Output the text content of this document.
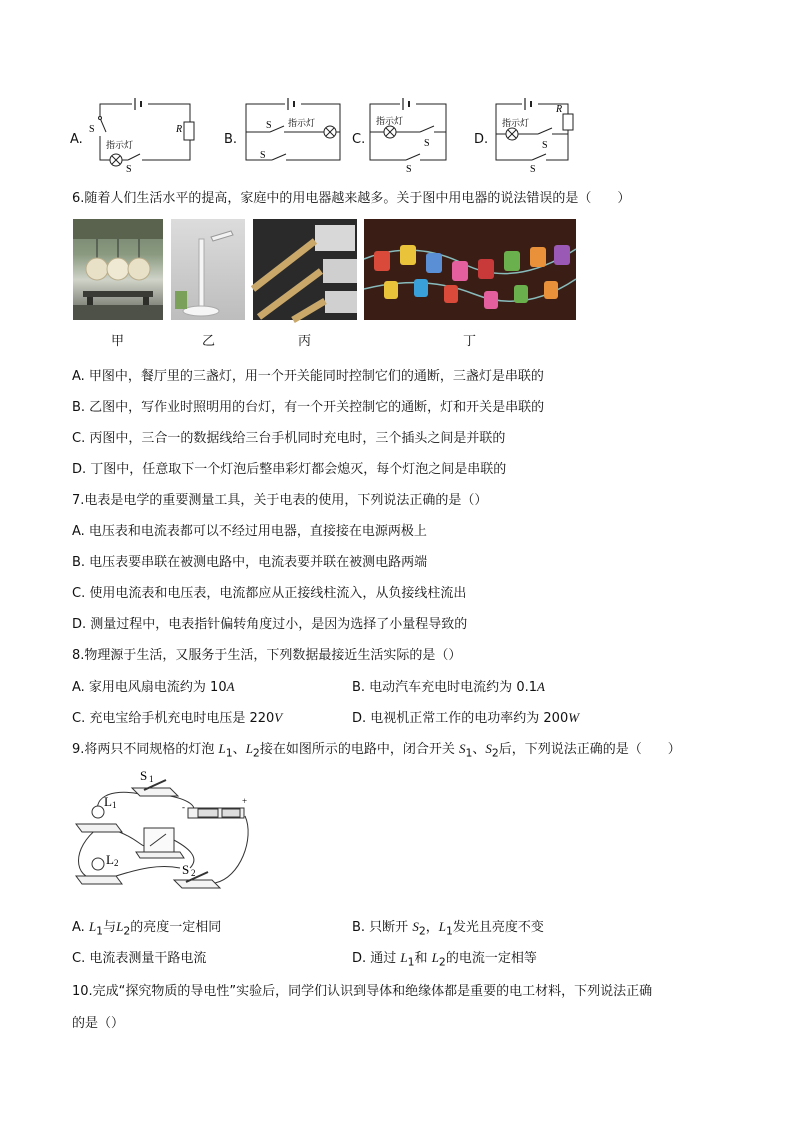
A.
R
S
S
指示灯	B.
S 指示灯
S
C.
指示灯
S
S
D.
R
指示灯
S
S
6.随着人们生活水平的提高，家庭中的用电器越来越多。关于图中用电器的说法错误的是（　　）
甲	乙	丙	丁
A. 甲图中，餐厅里的三盏灯，用一个开关能同时控制它们的通断，三盏灯是串联的
B. 乙图中，写作业时照明用的台灯，有一个开关控制它的通断，灯和开关是串联的
C. 丙图中，三合一的数据线给三台手机同时充电时，三个插头之间是并联的
D. 丁图中，任意取下一个灯泡后整串彩灯都会熄灭，每个灯泡之间是串联的
7.电表是电学的重要测量工具，关于电表的使用，下列说法正确的是（）
A. 电压表和电流表都可以不经过用电器，直接接在电源两极上
B. 电压表要串联在被测电路中，电流表要并联在被测电路两端
C. 使用电流表和电压表，电流都应从正接线柱流入，从负接线柱流出
D. 测量过程中，电表指针偏转角度过小，是因为选择了小量程导致的
8.物理源于生活，又服务于生活，下列数据最接近生活实际的是（）
A. 家用电风扇电流约为 10A	B. 电动汽车充电时电流约为 0.1A
C. 充电宝给手机充电时电压是 220V	D. 电视机正常工作的电功率约为 200W
9.将两只不同规格的灯泡 $L_1$、$L_2$接在如图所示的电路中，闭合开关 $S_1$、$S_2$后，下列说法正确的是（　　）
S 1
-
+
L 1
L 2	S 2
A. $L_1$与$L_2$的亮度一定相同	B. 只断开 $S_2$，$L_1$发光且亮度不变
C. 电流表测量干路电流	D. 通过 $L_1$和 $L_2$的电流一定相等
10.完成“探究物质的导电性”实验后，同学们认识到导体和绝缘体都是重要的电工材料，下列说法正确
的是（）
